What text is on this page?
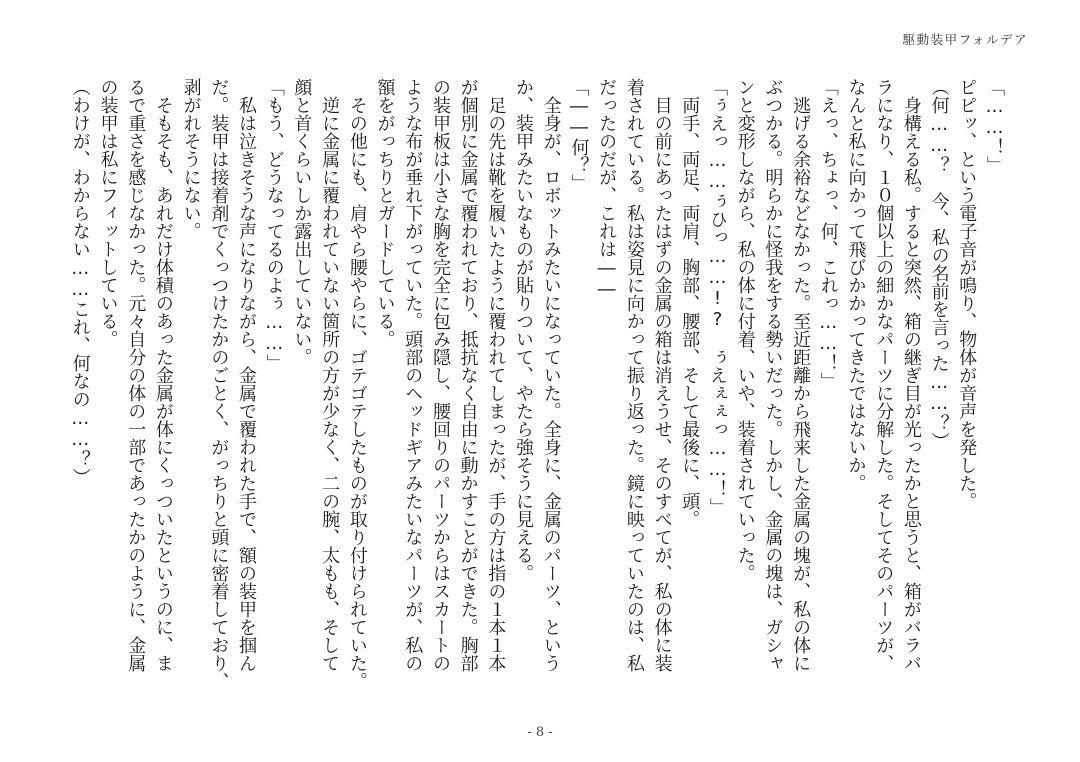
駆動装甲フォルデア
「……！」
ピピッ、という電子音が鳴り、物体が音声を発した。
（何……？　今、私の名前を言った……？）
　身構える私。すると突然、箱の継ぎ目が光ったかと思うと、箱がバラバ
ラになり、１０個以上の細かなパーツに分解した。そしてそのパーツが、
なんと私に向かって飛びかかってきたではないか。
「えっ、ちょっ、何、これっ……！」
　逃げる余裕などなかった。至近距離から飛来した金属の塊が、私の体に
ぶつかる。明らかに怪我をする勢いだった。しかし、金属の塊は、ガシャ
ンと変形しながら、私の体に付着、いや、装着されていった。
「ぅえっ……ぅひっ……!?　ぅえぇぇっ……！」
　両手、両足、両肩、胸部、腰部、そして最後に、頭。
　目の前にあったはずの金属の箱は消えうせ、そのすべてが、私の体に装
着されている。私は姿見に向かって振り返った。鏡に映っていたのは、私
だったのだが、これは――
「――何？」
　全身が、ロボットみたいになっていた。全身に、金属のパーツ、という
か、装甲みたいなものが貼りついて、やたら強そうに見える。
　足の先は靴を履いたように覆われてしまったが、手の方は指の１本１本
が個別に金属で覆われており、抵抗なく自由に動かすことができた。胸部
の装甲板は小さな胸を完全に包み隠し、腰回りのパーツからはスカートの
ような布が垂れ下がっていた。頭部のヘッドギアみたいなパーツが、私の
額をがっちりとガードしている。
　その他にも、肩やら腰やらに、ゴテゴテしたものが取り付けられていた。
　逆に金属に覆われていない箇所の方が少なく、二の腕、太もも、そして
顔と首くらいしか露出していない。
「もう、どうなってるのよぅ……」
　私は泣きそうな声になりながら、金属で覆われた手で、額の装甲を掴ん
だ。装甲は接着剤でくっつけたかのごとく、がっちりと頭に密着しており、
剥がれそうにない。
　そもそも、あれだけ体積のあった金属が体にくっついたというのに、ま
るで重さを感じなかった。元々自分の体の一部であったかのように、金属
の装甲は私にフィットしている。
（わけが、わからない……これ、何なの……？）
- 8 -
